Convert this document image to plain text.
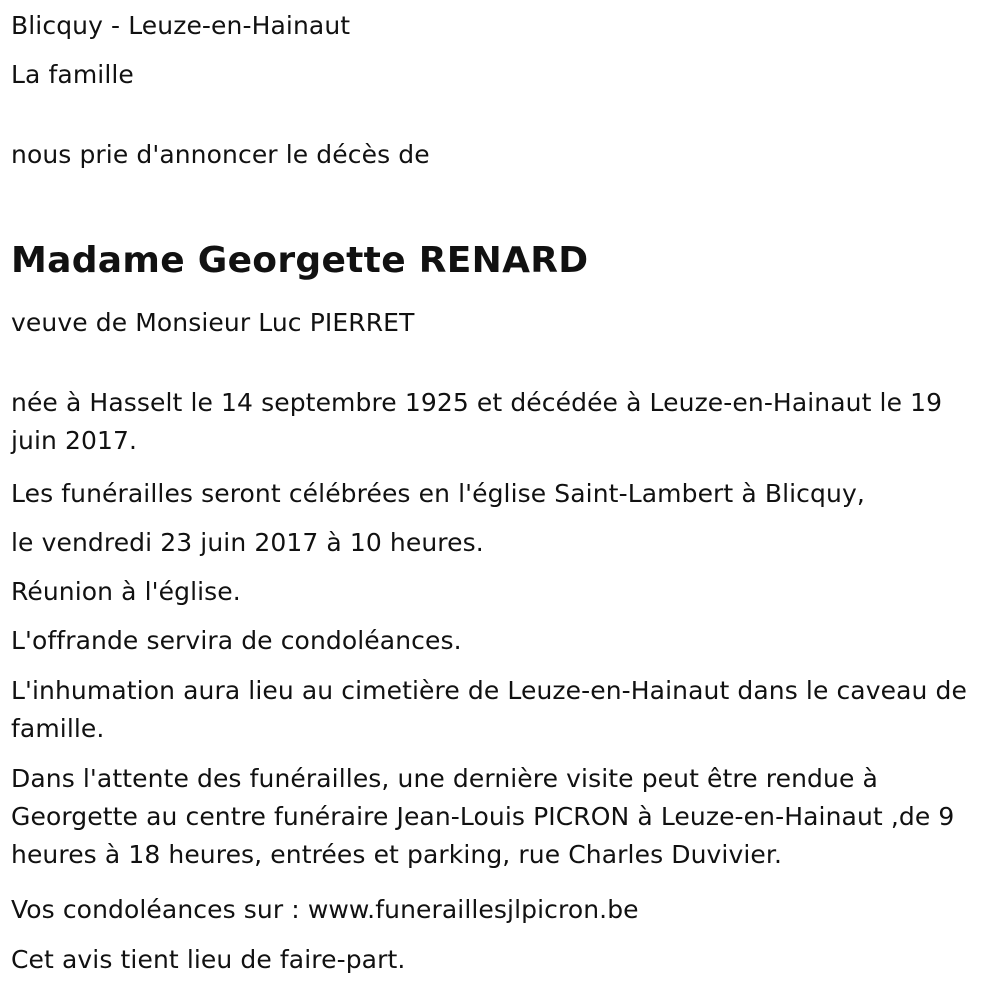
Blicquy - Leuze-en-Hainaut

La famille

nous prie d'annoncer le décès de

Madame Georgette RENARD

veuve de Monsieur Luc PIERRET

née à Hasselt le 14 septembre 1925 et décédée à Leuze-en-Hainaut le 19 juin 2017.

Les funérailles seront célébrées en l'église Saint-Lambert à Blicquy,

le vendredi 23 juin 2017 à 10 heures.

Réunion à l'église.

L'offrande servira de condoléances.

L'inhumation aura lieu au cimetière de Leuze-en-Hainaut dans le caveau de famille.

Dans l'attente des funérailles, une dernière visite peut être rendue à Georgette au centre funéraire Jean-Louis PICRON à Leuze-en-Hainaut ,de 9 heures à 18 heures, entrées et parking, rue Charles Duvivier.

Vos condoléances sur : www.funeraillesjlpicron.be

Cet avis tient lieu de faire-part.
